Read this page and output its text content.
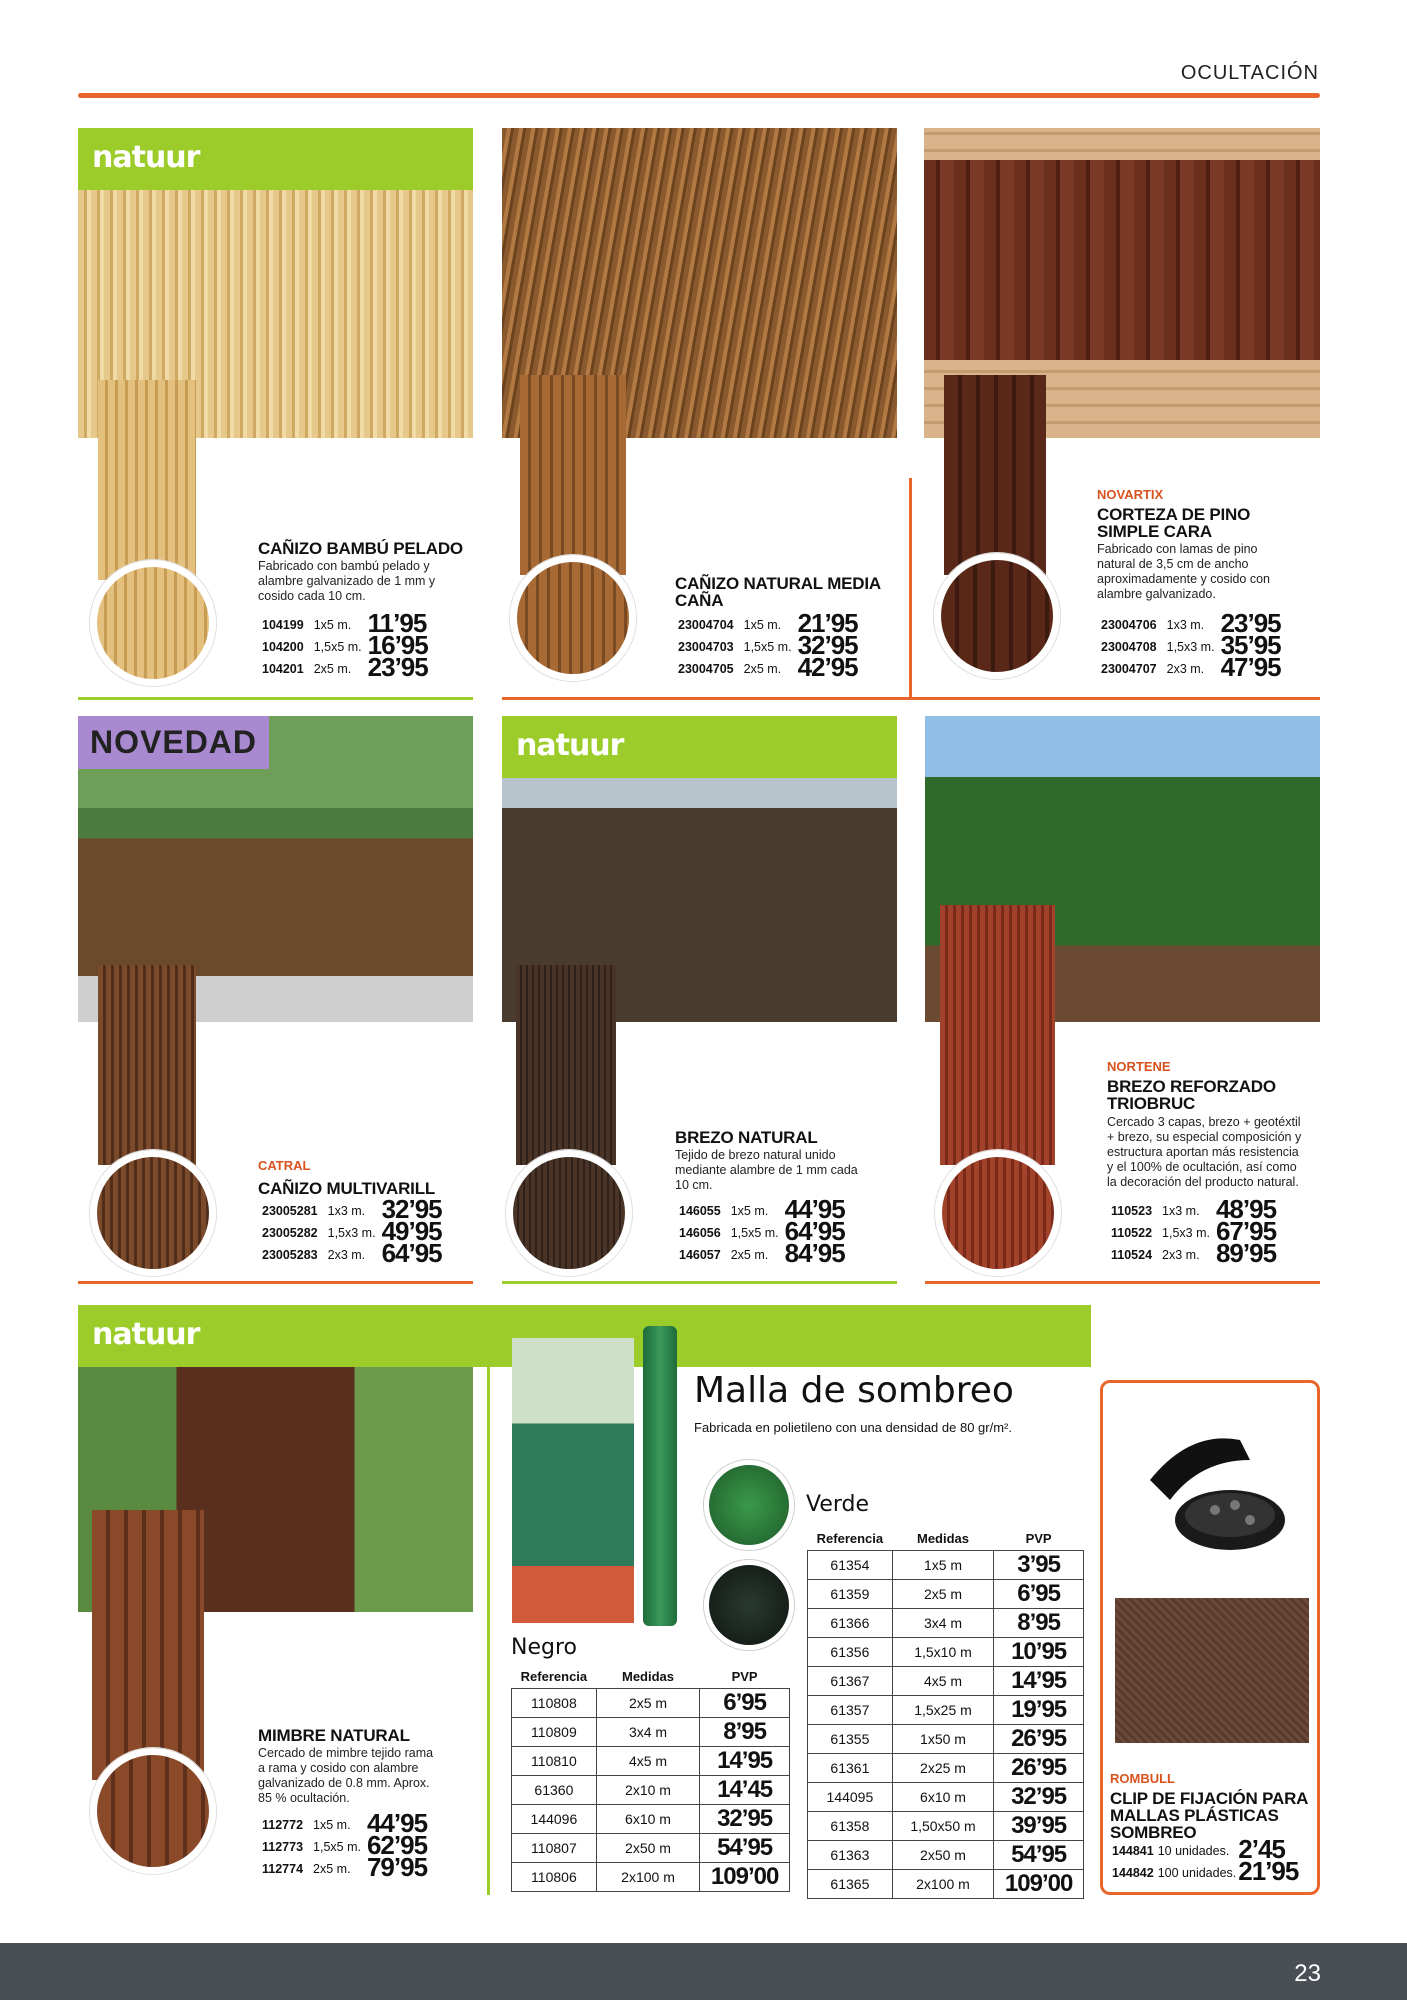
OCULTACIÓN
natuur
CAÑIZO BAMBÚ PELADO
Fabricado con bambú pelado y
alambre galvanizado de 1 mm y
cosido cada 10 cm.
104199	1x5 m.	11’95
104200	1,5x5 m.	16’95
104201	2x5 m.	23’95
CAÑIZO NATURAL MEDIA CAÑA
23004704	1x5 m.	21’95
23004703	1,5x5 m.	32’95
23004705	2x5 m.	42’95
NOVARTIX
CORTEZA DE PINO SIMPLE CARA
Fabricado con lamas de pino
natural de 3,5 cm de ancho
aproximadamente y cosido con
alambre galvanizado.
23004706	1x3 m.	23’95
23004708	1,5x3 m.	35’95
23004707	2x3 m.	47’95
NOVEDAD	natuur
CATRAL
CAÑIZO MULTIVARILL
23005281	1x3 m.	32’95
23005282	1,5x3 m.	49’95
23005283	2x3 m.	64’95
BREZO NATURAL
Tejido de brezo natural unido
mediante alambre de 1 mm cada
10 cm.
146055	1x5 m.	44’95
146056	1,5x5 m.	64’95
146057	2x5 m.	84’95
NORTENE
BREZO REFORZADO TRIOBRUC
Cercado 3 capas, brezo + geotéxtil
+ brezo, su especial composición y
estructura aportan más resistencia
y el 100% de ocultación, así como
la decoración del producto natural.
110523	1x3 m.	48’95
110522	1,5x3 m.	67’95
110524	2x3 m.	89’95
natuur
MIMBRE NATURAL
Cercado de mimbre tejido rama
a rama y cosido con alambre
galvanizado de 0.8 mm. Aprox.
85 % ocultación.
112772	1x5 m.	44’95
112773	1,5x5 m.	62’95
112774	2x5 m.	79’95
Malla de sombreo
Fabricada en polietileno con una densidad de 80 gr/m².
Verde
Negro
Referencia	Medidas	PVP
110808	2x5 m	6’95
110809	3x4 m	8’95
110810	4x5 m	14’95
61360	2x10 m	14’45
144096	6x10 m	32’95
110807	2x50 m	54’95
110806	2x100 m	109’00
Referencia	Medidas	PVP
61354	1x5 m	3’95
61359	2x5 m	6’95
61366	3x4 m	8’95
61356	1,5x10 m	10’95
61367	4x5 m	14’95
61357	1,5x25 m	19’95
61355	1x50 m	26’95
61361	2x25 m	26’95
144095	6x10 m	32’95
61358	1,50x50 m	39’95
61363	2x50 m	54’95
61365	2x100 m	109’00
ROMBULL
CLIP DE FIJACIÓN PARA MALLAS PLÁSTICAS SOMBREO
144841	10 unidades.	2’45
144842	100 unidades.	21’95
23
